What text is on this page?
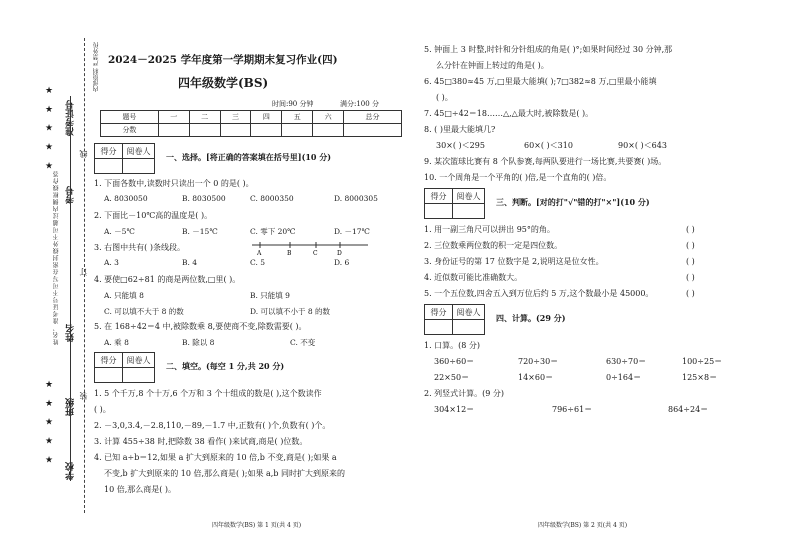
★ ★ ★ ★ ★
★ ★ ★ ★ ★
学校
班级
姓名
考号
准考证号
线
订
装
姓名、准考证号不可写在密封线外不可越过内侧框线作答
内部资料 严禁外传 2024－2025 学年度第一学期期末复习作业(四)
四年级数学(BS)
时间:90 分钟	满分:100 分
题号	一	二	三	四	五	六	总分
分数							
得分	阅卷人

一、选择。[将正确的答案填在括号里](10 分)
1. 下面各数中,读数时只读出一个 0 的是( )。
A. 8030050	B. 8030500	C. 8000350	D. 8000305
2. 下面比－10℃高的温度是( )。
A. －5℃	B. －15℃	C. 零下 20℃	D. －17℃
3. 右图中共有( )条线段。
A	B	C	D
A. 3	B. 4	C. 5	D. 6
4. 要使□62÷81 的商是两位数,□里( )。
A. 只能填 8	B. 只能填 9
C. 可以填不大于 8 的数	D. 可以填不小于 8 的数
5. 在 168÷42＝4 中,被除数乘 8,要使商不变,除数需要( )。
A. 乘 8	B. 除以 8	C. 不变
得分	阅卷人

二、填空。(每空 1 分,共 20 分)
1. 5 个千万,8 个十万,6 个万和 3 个十组成的数是( ),这个数读作
( )。
2. －3,0,3.4,－2.8,110,－89,－1.7 中,正数有( )个,负数有( )个。
3. 计算 455÷38 时,把除数 38 看作( )来试商,商是( )位数。
4. 已知 a÷b＝12,如果 a 扩大到原来的 10 倍,b 不变,商是( );如果 a
不变,b 扩大到原来的 10 倍,那么商是( );如果 a,b 同时扩大到原来的
10 倍,那么商是( )。
四年级数学(BS) 第 1 页(共 4 页)
5. 钟面上 3 时整,时针和分针组成的角是( )°;如果时间经过 30 分钟,那
么分针在钟面上转过的角是( )。
6. 45□380≈45 万,□里最大能填( );7□382≈8 万,□里最小能填
( )。
7. 45□÷42＝18……△,△最大时,被除数是( )。
8. ( )里最大能填几?
30×( )＜295	60×( )＜310	90×( )＜643
9. 某次篮球比赛有 8 个队参赛,每两队要进行一场比赛,共要赛( )场。
10. 一个周角是一个平角的( )倍,是一个直角的( )倍。
得分	阅卷人

三、判断。[对的打"√"错的打"×"](10 分)
1. 用一副三角尺可以拼出 95°的角。	( )
2. 三位数乘两位数的积一定是四位数。	( )
3. 身份证号的第 17 位数字是 2,说明这是位女性。	( )
4. 近似数可能比准确数大。	( )
5. 一个五位数,四舍五入到万位后约 5 万,这个数最小是 45000。	( )
得分	阅卷人

四、计算。(29 分)
1. 口算。(8 分)
360÷60＝	720÷30＝	630÷70＝	100÷25＝
22×50＝	14×60＝	0÷164＝	125×8＝
2. 列竖式计算。(9 分)
304×12＝	796÷61＝	864÷24＝
四年级数学(BS) 第 2 页(共 4 页)
